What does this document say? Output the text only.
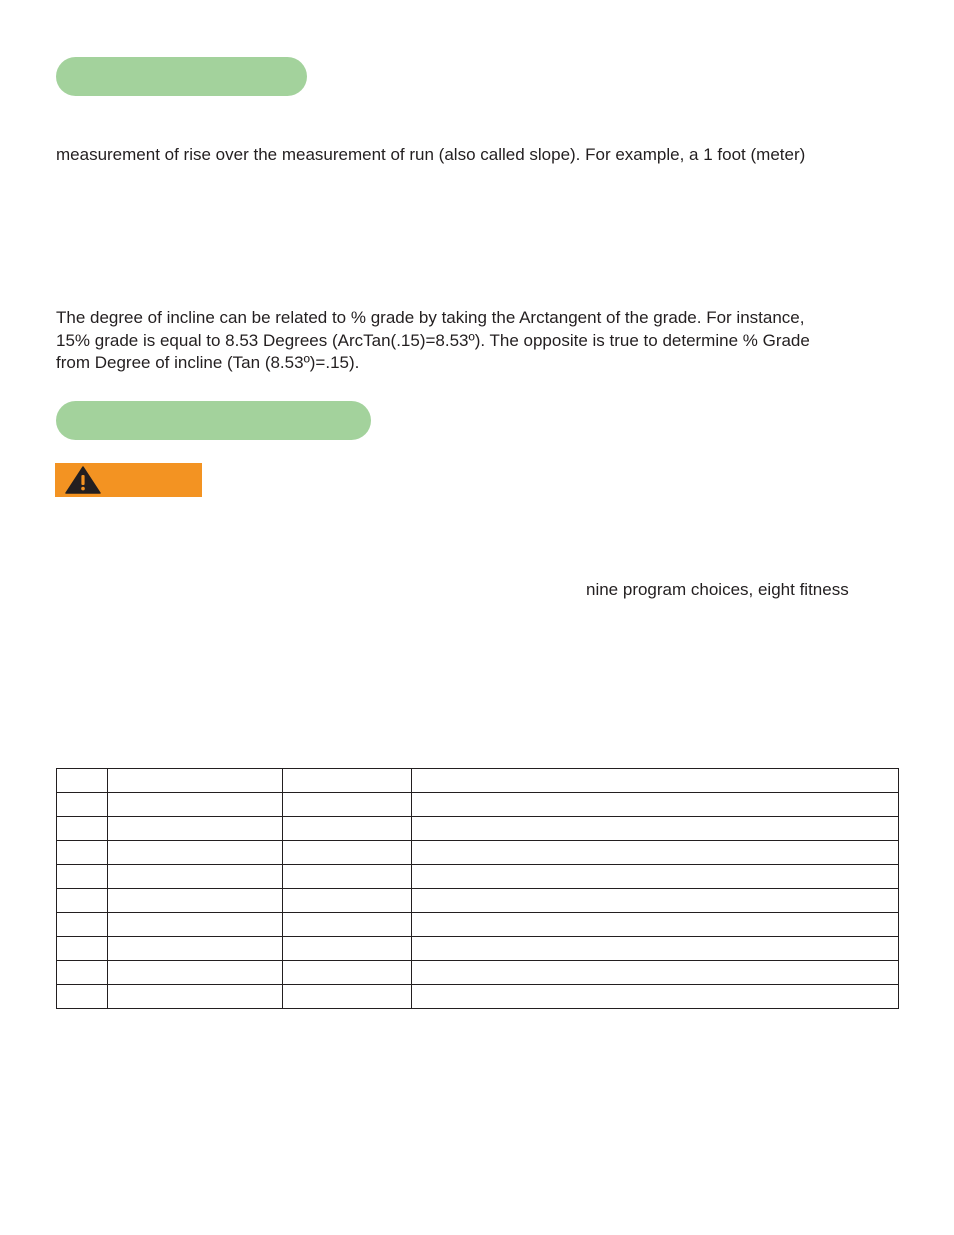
measurement of rise over the measurement of run (also called slope). For example, a 1 foot (meter)

The degree of incline can be related to % grade by taking the Arctangent of the grade. For instance,

15% grade is equal to 8.53 Degrees (ArcTan(.15)=8.53º). The opposite is true to determine % Grade

from Degree of incline (Tan (8.53º)=.15).

nine program choices, eight fitness
